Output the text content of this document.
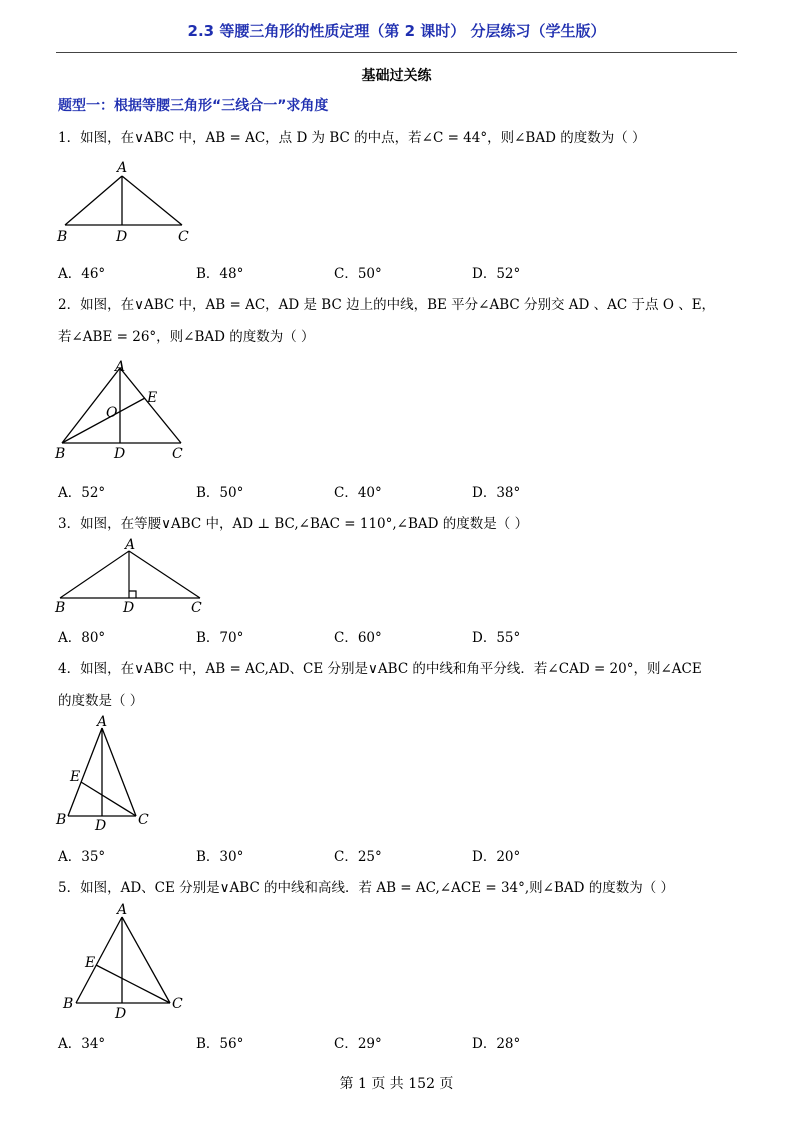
2.3 等腰三角形的性质定理（第 2 课时） 分层练习（学生版）
基础过关练
题型一：根据等腰三角形“三线合一”求角度
1．如图，在∨ABC 中，AB = AC，点 D 为 BC 的中点，若∠C = 44°，则∠BAD 的度数为（ ）
A
B	D	C
A．46°	B．48°	C．50°	D．52°
2．如图，在∨ABC 中，AB = AC，AD 是 BC 边上的中线，BE 平分∠ABC 分别交 AD 、AC 于点 O 、E，
若∠ABE = 26°，则∠BAD 的度数为（ ）
A
E
O
B	D	C
A．52°	B．50°	C．40°	D．38°
3．如图，在等腰∨ABC 中，AD ⊥ BC,∠BAC = 110°,∠BAD 的度数是（ ）
A
B	D	C
A．80°	B．70°	C．60°	D．55°
4．如图，在∨ABC 中，AB = AC,AD、CE 分别是∨ABC 的中线和角平分线．若∠CAD = 20°，则∠ACE
的度数是（ ）
A
E
B D C
A．35°	B．30°	C．25°	D．20°
5．如图，AD、CE 分别是∨ABC 的中线和高线．若 AB = AC,∠ACE = 34°,则∠BAD 的度数为（ ）
A
E
B
D
C
A．34°	B．56°	C．29°	D．28°
第 1 页 共 152 页
